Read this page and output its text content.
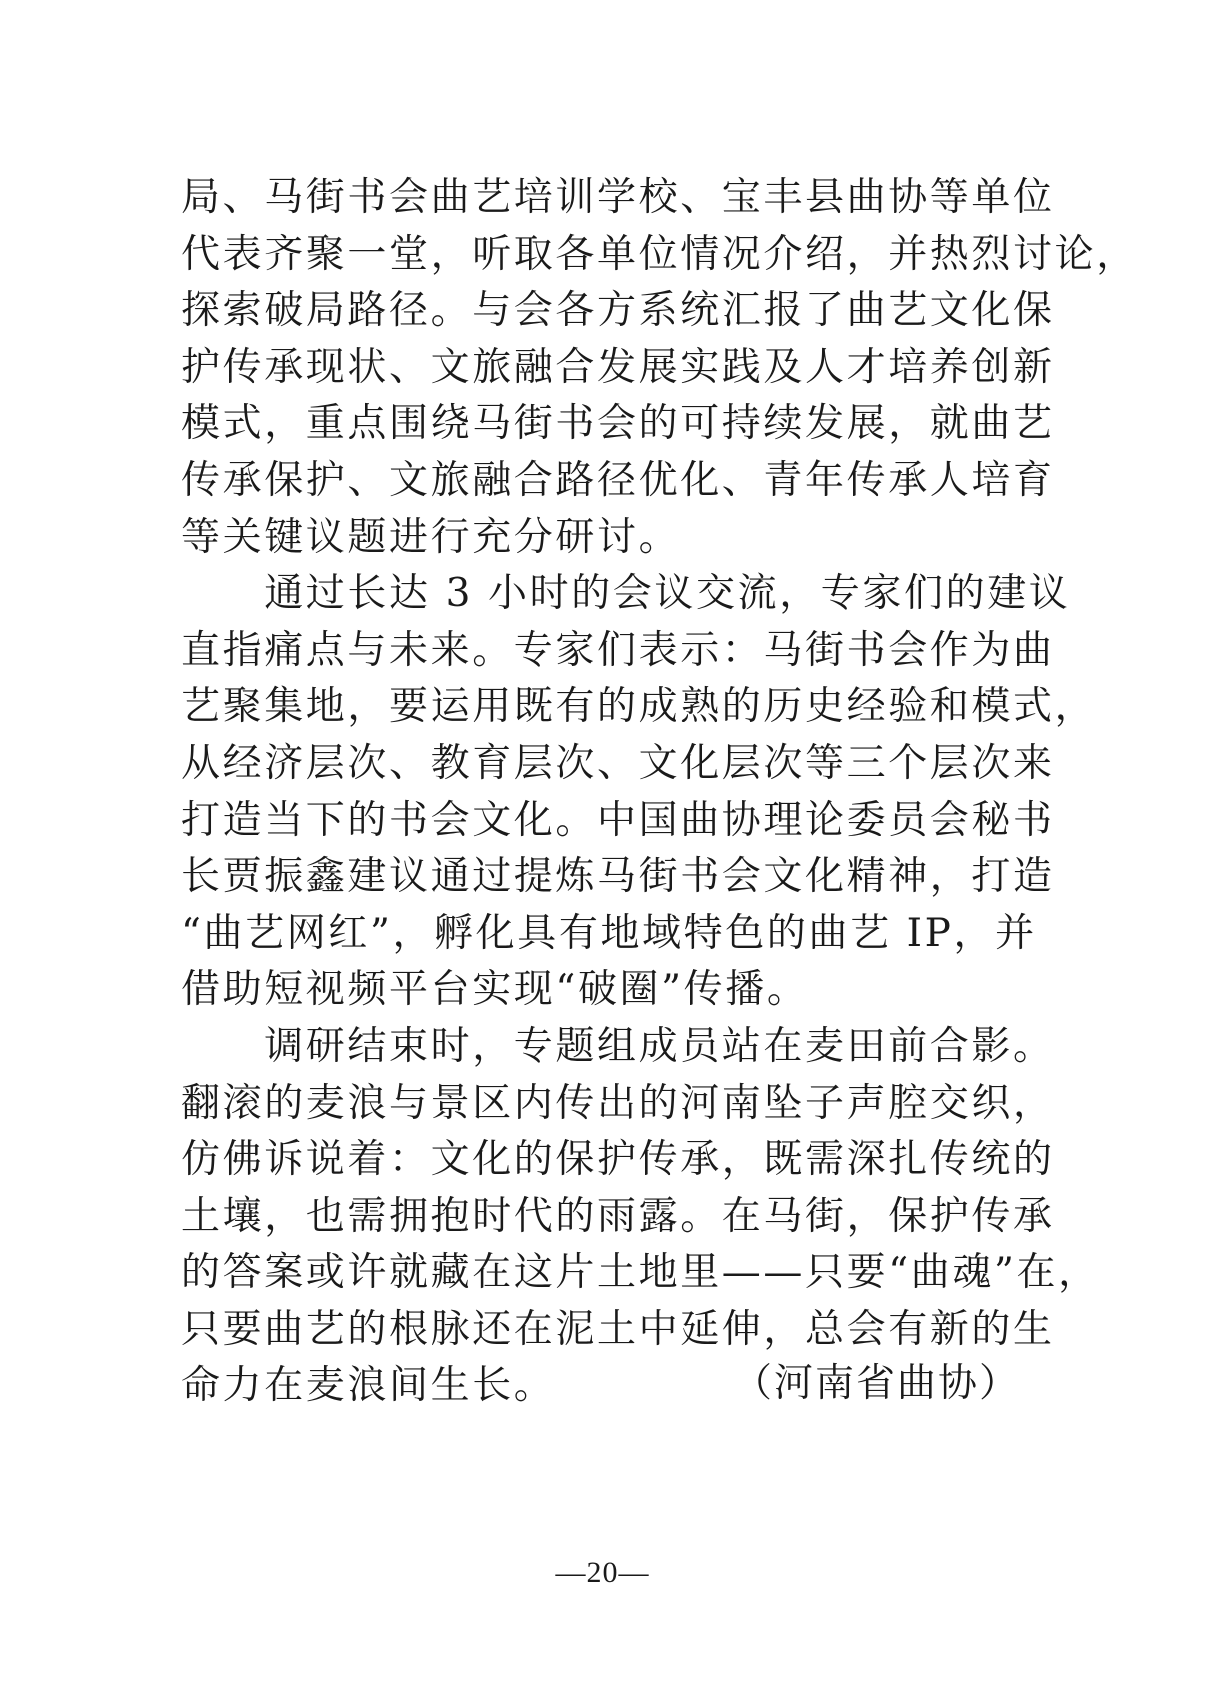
局、马街书会曲艺培训学校、宝丰县曲协等单位
代表齐聚一堂，听取各单位情况介绍，并热烈讨论，
探索破局路径。与会各方系统汇报了曲艺文化保
护传承现状、文旅融合发展实践及人才培养创新
模式，重点围绕马街书会的可持续发展，就曲艺
传承保护、文旅融合路径优化、青年传承人培育
等关键议题进行充分研讨。
　　通过长达 3 小时的会议交流，专家们的建议
直指痛点与未来。专家们表示：马街书会作为曲
艺聚集地，要运用既有的成熟的历史经验和模式，
从经济层次、教育层次、文化层次等三个层次来
打造当下的书会文化。中国曲协理论委员会秘书
长贾振鑫建议通过提炼马街书会文化精神，打造
“曲艺网红”，孵化具有地域特色的曲艺 IP，并
借助短视频平台实现“破圈”传播。
　　调研结束时，专题组成员站在麦田前合影。
翻滚的麦浪与景区内传出的河南坠子声腔交织，
仿佛诉说着：文化的保护传承，既需深扎传统的
土壤，也需拥抱时代的雨露。在马街，保护传承
的答案或许就藏在这片土地里——只要“曲魂”在，
只要曲艺的根脉还在泥土中延伸，总会有新的生
命力在麦浪间生长。	（河南省曲协）
—20—
